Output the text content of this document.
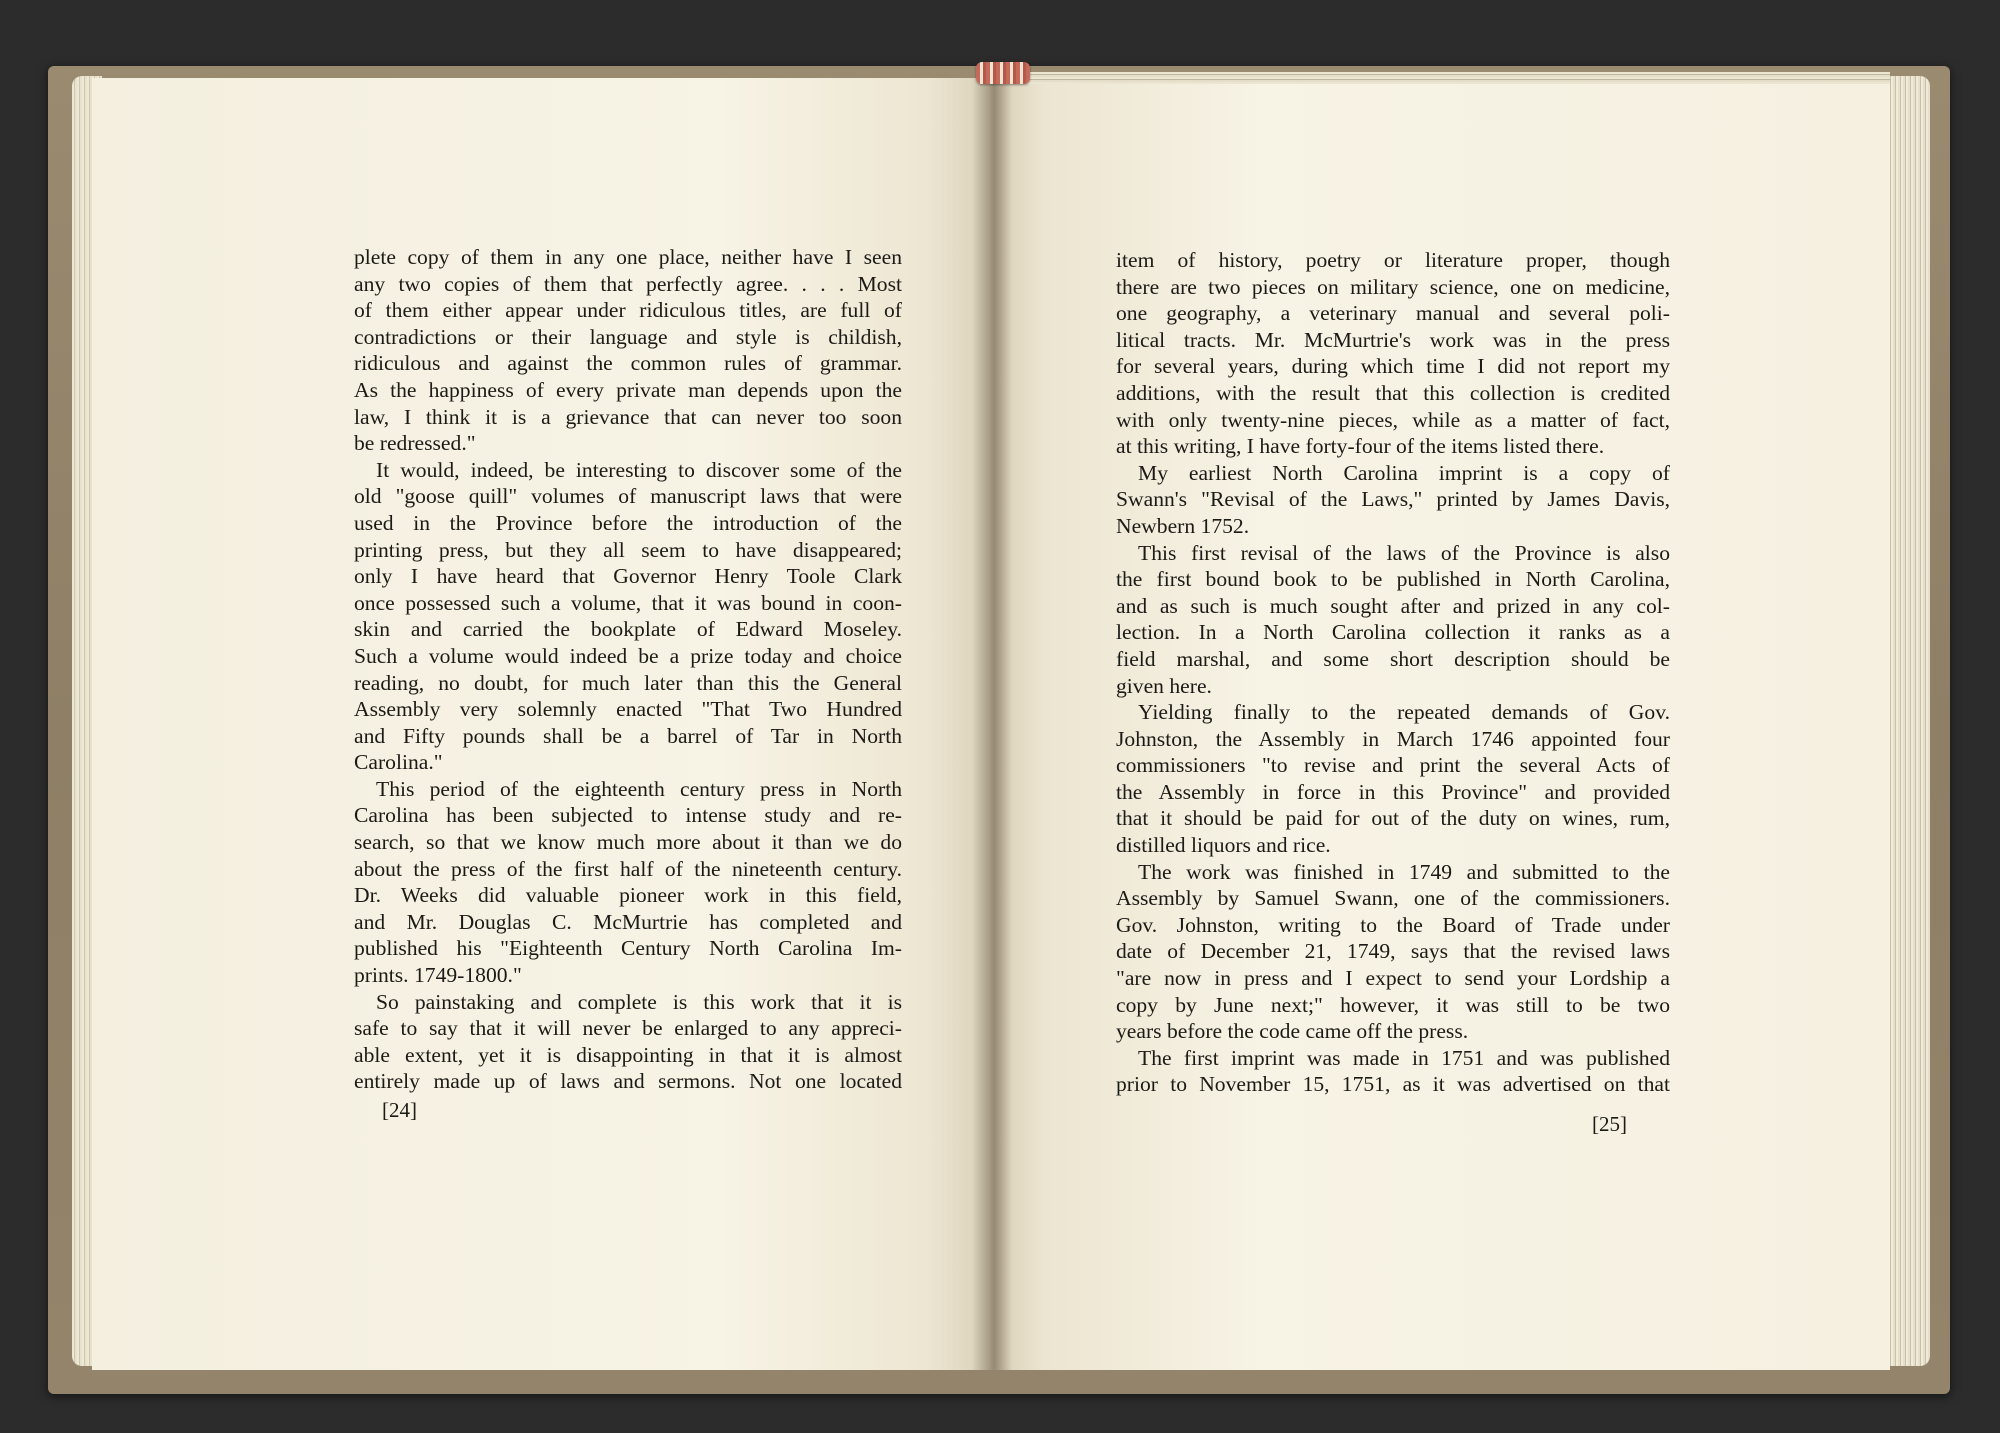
plete copy of them in any one place, neither have I seen
any two copies of them that perfectly agree. . . . Most
of them either appear under ridiculous titles, are full of
contradictions or their language and style is childish,
ridiculous and against the common rules of grammar.
As the happiness of every private man depends upon the
law, I think it is a grievance that can never too soon
be redressed."
It would, indeed, be interesting to discover some of the
old "goose quill" volumes of manuscript laws that were
used in the Province before the introduction of the
printing press, but they all seem to have disappeared;
only I have heard that Governor Henry Toole Clark
once possessed such a volume, that it was bound in coon-
skin and carried the bookplate of Edward Moseley.
Such a volume would indeed be a prize today and choice
reading, no doubt, for much later than this the General
Assembly very solemnly enacted "That Two Hundred
and Fifty pounds shall be a barrel of Tar in North
Carolina."
This period of the eighteenth century press in North
Carolina has been subjected to intense study and re-
search, so that we know much more about it than we do
about the press of the first half of the nineteenth century.
Dr. Weeks did valuable pioneer work in this field,
and Mr. Douglas C. McMurtrie has completed and
published his "Eighteenth Century North Carolina Im-
prints. 1749-1800."
So painstaking and complete is this work that it is
safe to say that it will never be enlarged to any appreci-
able extent, yet it is disappointing in that it is almost
entirely made up of laws and sermons. Not one located
[24]
item of history, poetry or literature proper, though
there are two pieces on military science, one on medicine,
one geography, a veterinary manual and several poli-
litical tracts. Mr. McMurtrie's work was in the press
for several years, during which time I did not report my
additions, with the result that this collection is credited
with only twenty-nine pieces, while as a matter of fact,
at this writing, I have forty-four of the items listed there.
My earliest North Carolina imprint is a copy of
Swann's "Revisal of the Laws," printed by James Davis,
Newbern 1752.
This first revisal of the laws of the Province is also
the first bound book to be published in North Carolina,
and as such is much sought after and prized in any col-
lection. In a North Carolina collection it ranks as a
field marshal, and some short description should be
given here.
Yielding finally to the repeated demands of Gov.
Johnston, the Assembly in March 1746 appointed four
commissioners "to revise and print the several Acts of
the Assembly in force in this Province" and provided
that it should be paid for out of the duty on wines, rum,
distilled liquors and rice.
The work was finished in 1749 and submitted to the
Assembly by Samuel Swann, one of the commissioners.
Gov. Johnston, writing to the Board of Trade under
date of December 21, 1749, says that the revised laws
"are now in press and I expect to send your Lordship a
copy by June next;" however, it was still to be two
years before the code came off the press.
The first imprint was made in 1751 and was published
prior to November 15, 1751, as it was advertised on that
[25]
